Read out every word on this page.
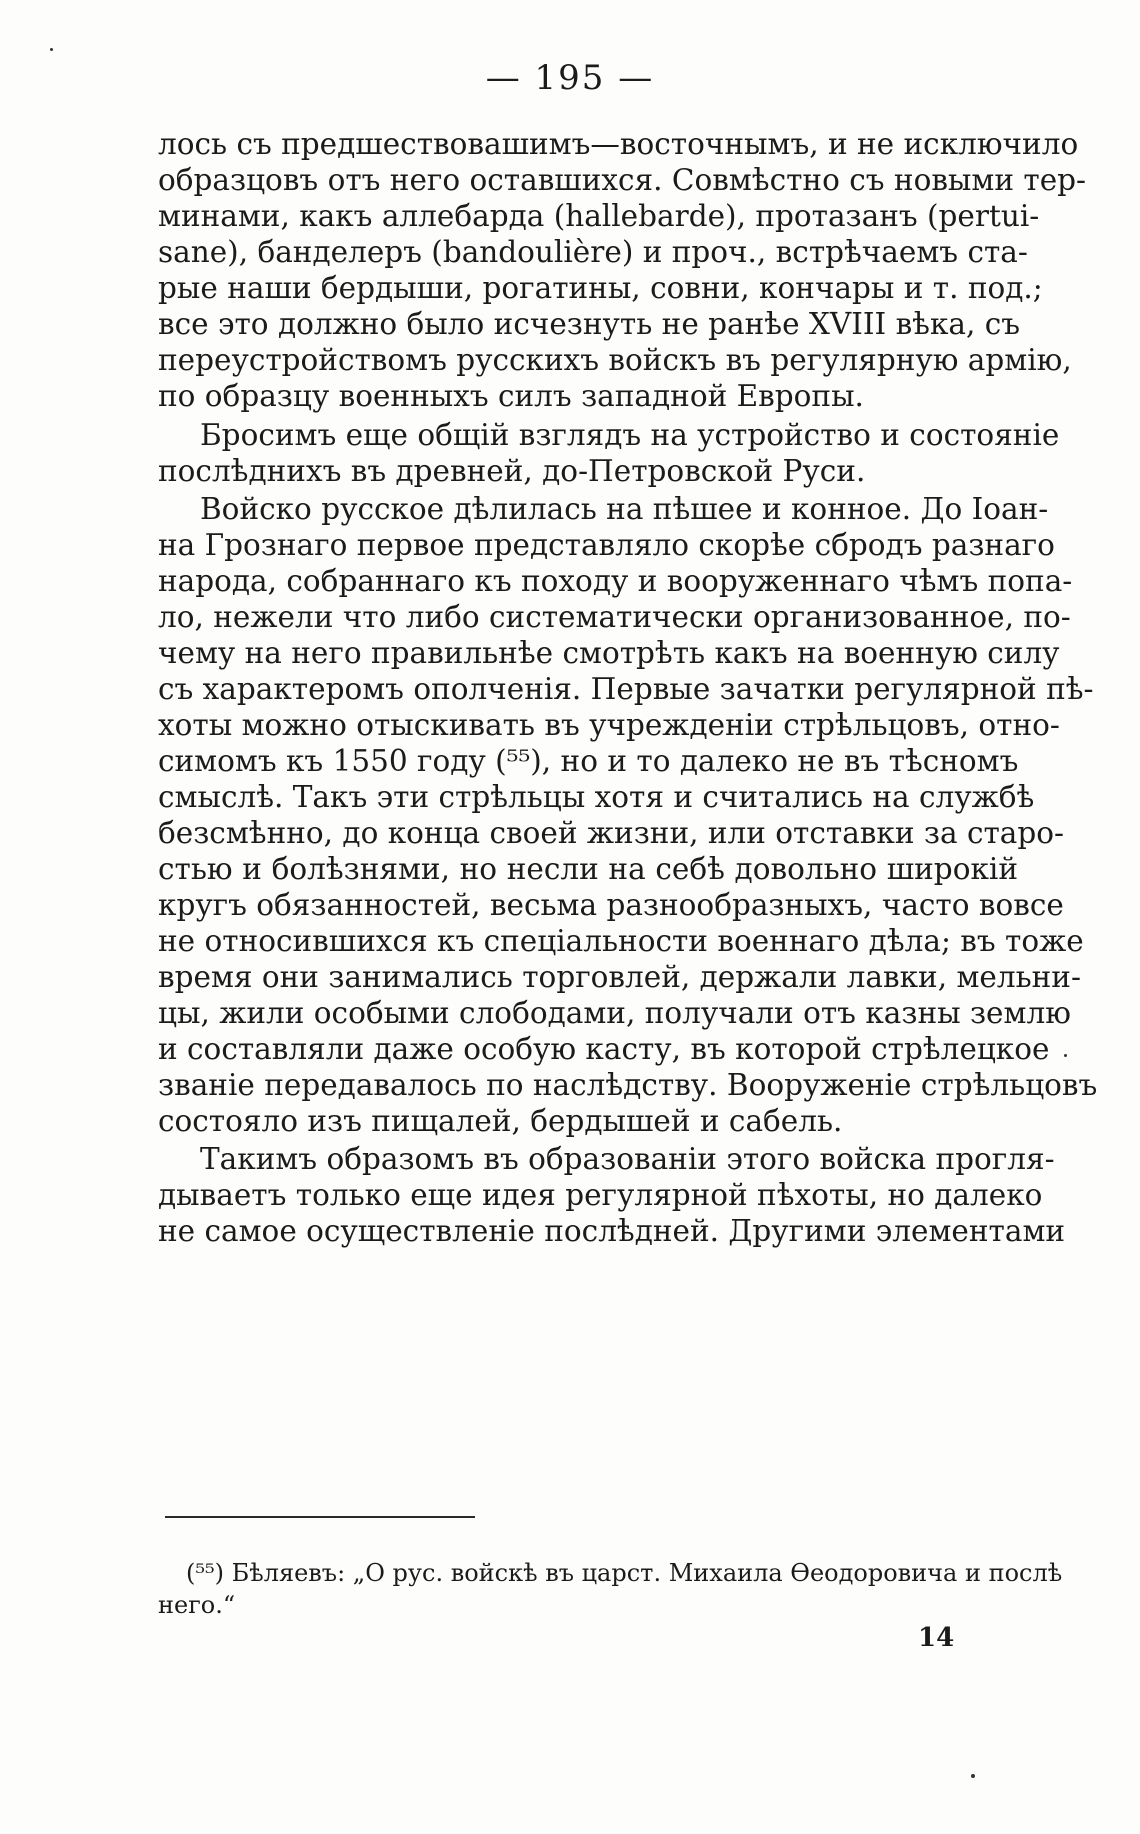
— 195 —
лось съ предшествовашимъ—восточнымъ, и не исключило
образцовъ отъ него оставшихся. Совмѣстно съ новыми тер-
минами, какъ аллебарда (hallebarde), протазанъ (pertui-
sane), банделеръ (bandoulière) и проч., встрѣчаемъ ста-
рые наши бердыши, рогатины, совни, кончары и т. под.;
все это должно было исчезнуть не ранѣе XVIII вѣка, съ
переустройствомъ русскихъ войскъ въ регулярную армію,
по образцу военныхъ силъ западной Европы.
Бросимъ еще общій взглядъ на устройство и состояніе
послѣднихъ въ древней, до-Петровской Руси.
Войско русское дѣлилась на пѣшее и конное. До Іоан-
на Грознаго первое представляло скорѣе сбродъ разнаго
народа, собраннаго къ походу и вооруженнаго чѣмъ попа-
ло, нежели что либо систематически организованное, по-
чему на него правильнѣе смотрѣть какъ на военную силу
съ характеромъ ополченія. Первые зачатки регулярной пѣ-
хоты можно отыскивать въ учрежденіи стрѣльцовъ, отно-
симомъ къ 1550 году (⁵⁵), но и то далеко не въ тѣсномъ
смыслѣ. Такъ эти стрѣльцы хотя и считались на службѣ
безсмѣнно, до конца своей жизни, или отставки за старо-
стью и болѣзнями, но несли на себѣ довольно широкій
кругъ обязанностей, весьма разнообразныхъ, часто вовсе
не относившихся къ спеціальности военнаго дѣла; въ тоже
время они занимались торговлей, держали лавки, мельни-
цы, жили особыми слободами, получали отъ казны землю
и составляли даже особую касту, въ которой стрѣлецкое
званіе передавалось по наслѣдству. Вооруженіе стрѣльцовъ
состояло изъ пищалей, бердышей и сабель.
Такимъ образомъ въ образованіи этого войска прогля-
дываетъ только еще идея регулярной пѣхоты, но далеко
не самое осуществленіе послѣдней. Другими элементами
(⁵⁵) Бѣляевъ: „О рус. войскѣ въ царст. Михаила Ѳеодоровича и послѣ
него.“
14
